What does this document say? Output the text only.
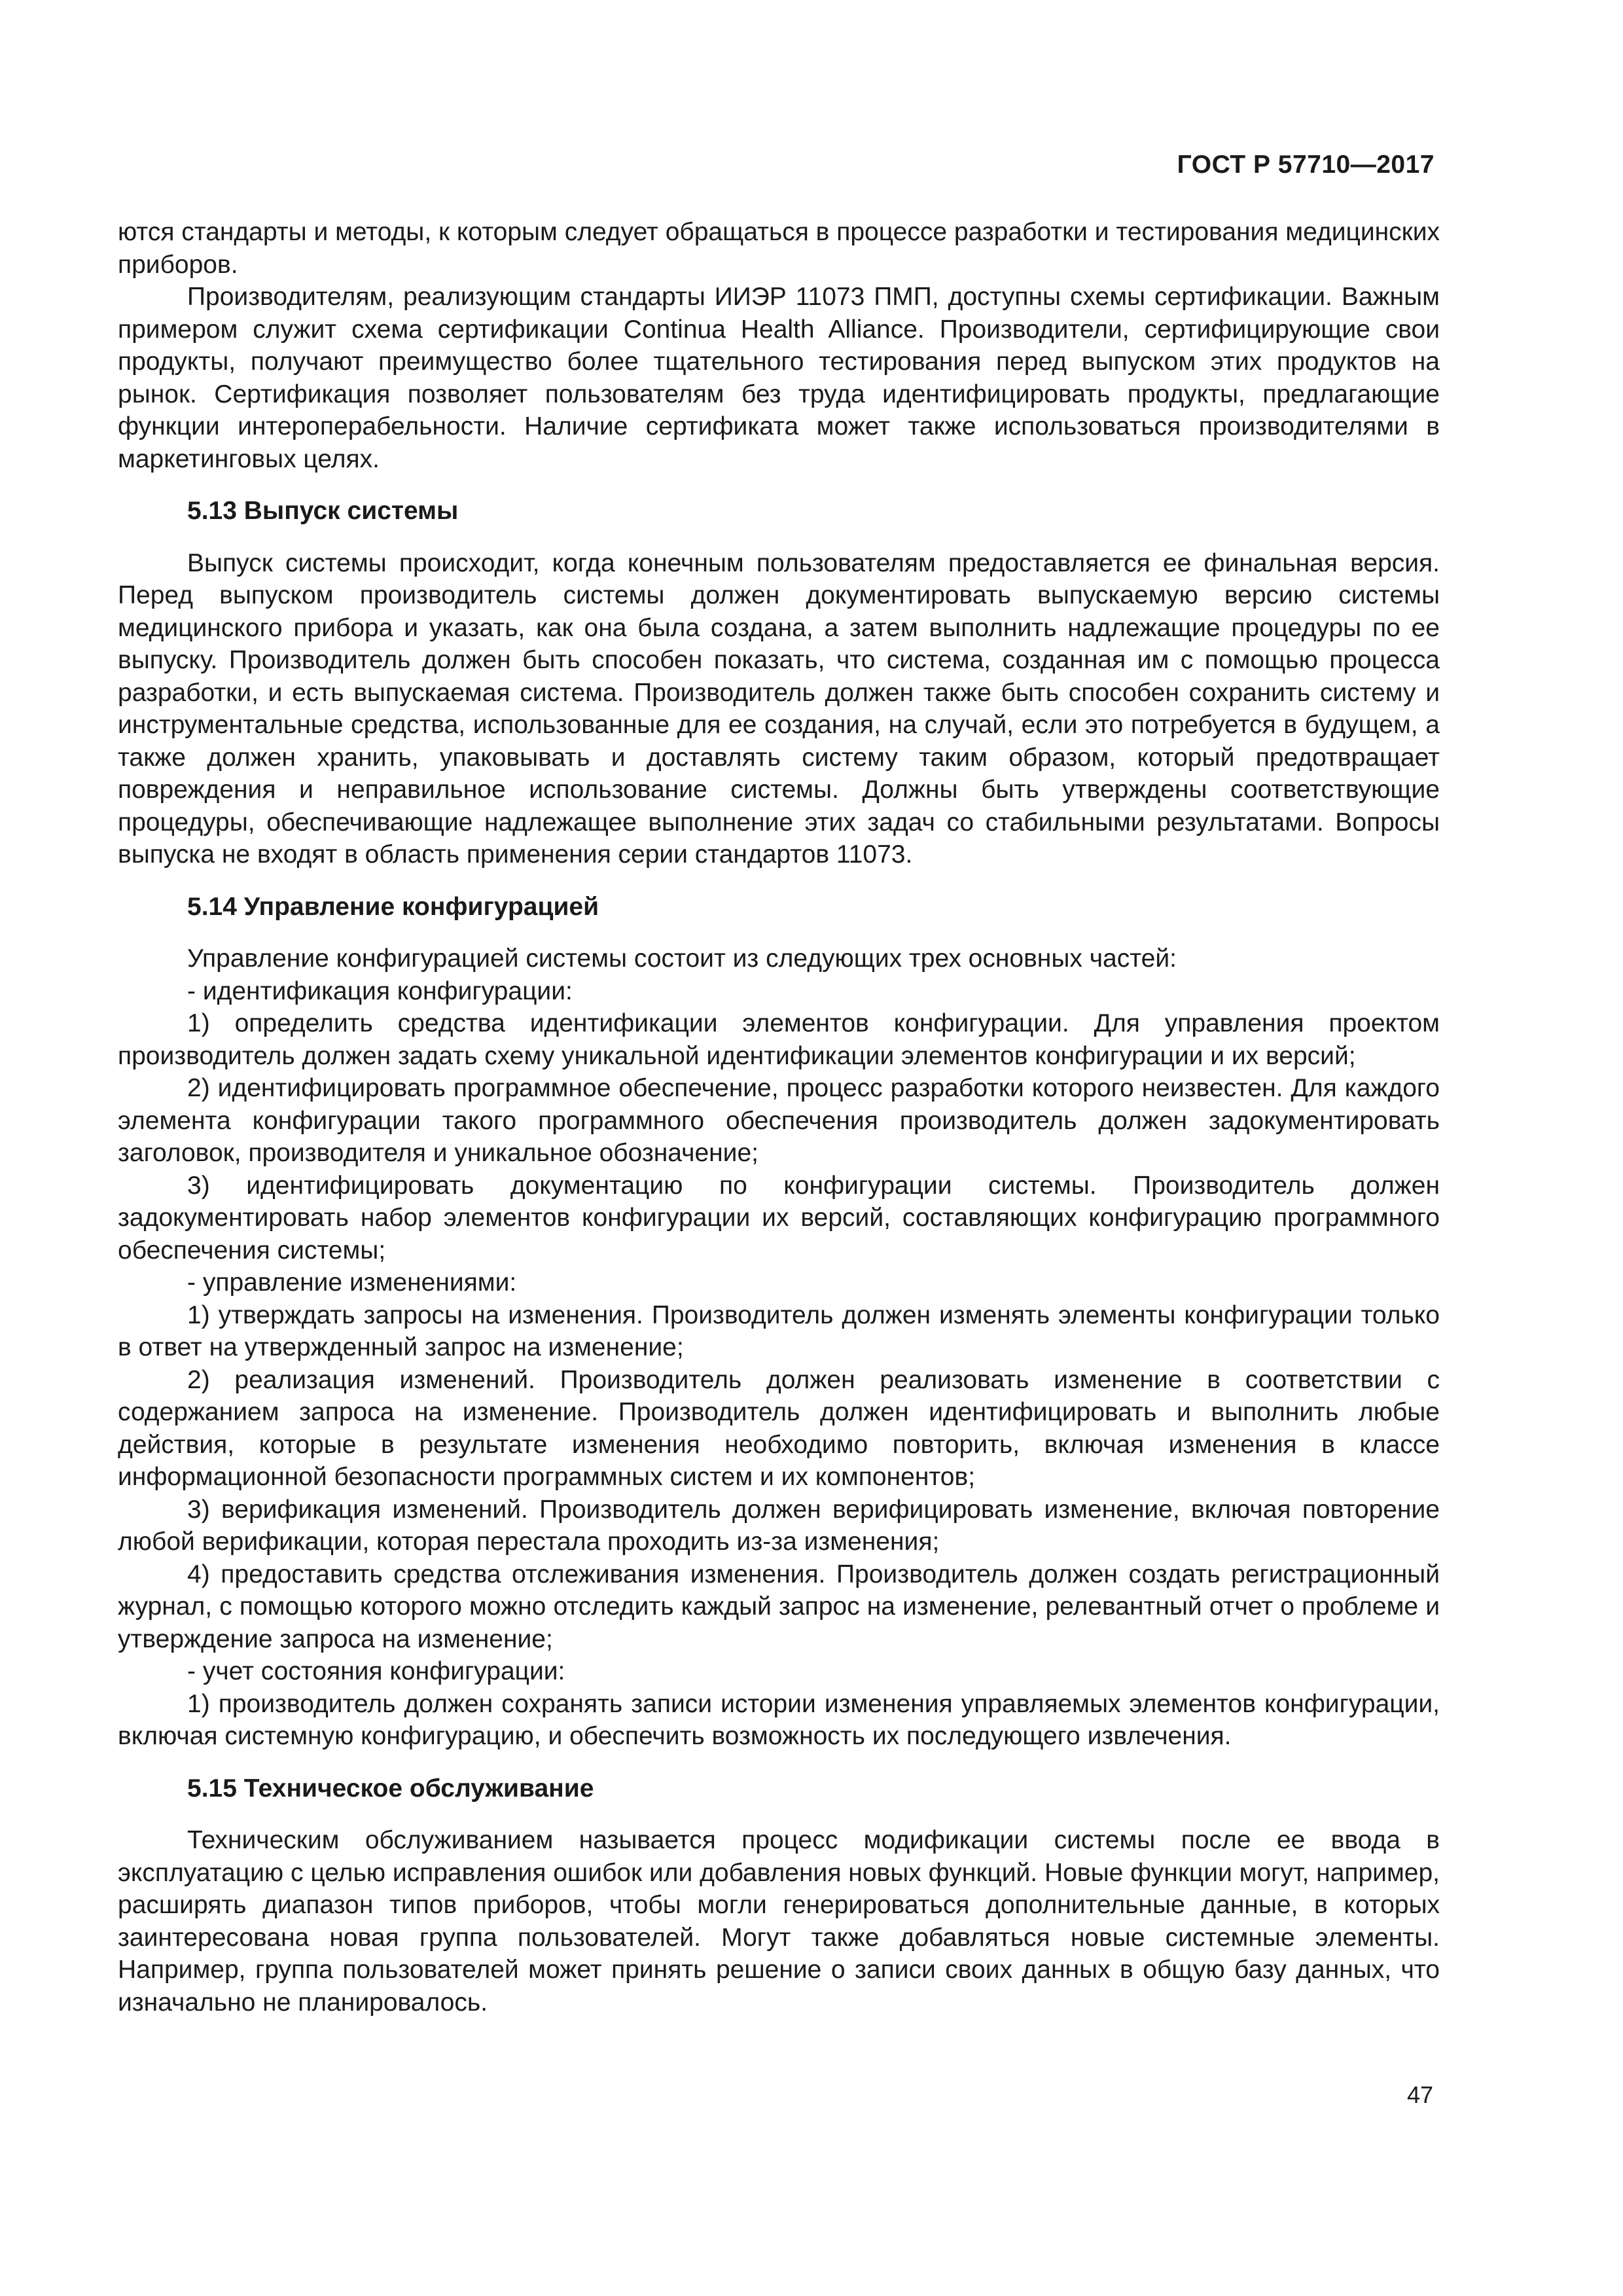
ГОСТ Р 57710—2017

ются стандарты и методы, к которым следует обращаться в процессе разработки и тестирования медицинских приборов.

Производителям, реализующим стандарты ИИЭР 11073 ПМП, доступны схемы сертификации. Важным примером служит схема сертификации Continua Health Alliance. Производители, сертифицирующие свои продукты, получают преимущество более тщательного тестирования перед выпуском этих продуктов на рынок. Сертификация позволяет пользователям без труда идентифицировать продукты, предлагающие функции интероперабельности. Наличие сертификата может также использоваться производителями в маркетинговых целях.

5.13 Выпуск системы

Выпуск системы происходит, когда конечным пользователям предоставляется ее финальная версия. Перед выпуском производитель системы должен документировать выпускаемую версию системы медицинского прибора и указать, как она была создана, а затем выполнить надлежащие процедуры по ее выпуску. Производитель должен быть способен показать, что система, созданная им с помощью процесса разработки, и есть выпускаемая система. Производитель должен также быть способен сохранить систему и инструментальные средства, использованные для ее создания, на случай, если это потребуется в будущем, а также должен хранить, упаковывать и доставлять систему таким образом, который предотвращает повреждения и неправильное использование системы. Должны быть утверждены соответствующие процедуры, обеспечивающие надлежащее выполнение этих задач со стабильными результатами. Вопросы выпуска не входят в область применения серии стандартов 11073.

5.14 Управление конфигурацией

Управление конфигурацией системы состоит из следующих трех основных частей:

- идентификация конфигурации:

1) определить средства идентификации элементов конфигурации. Для управления проектом производитель должен задать схему уникальной идентификации элементов конфигурации и их версий;

2) идентифицировать программное обеспечение, процесс разработки которого неизвестен. Для каждого элемента конфигурации такого программного обеспечения производитель должен задокументировать заголовок, производителя и уникальное обозначение;

3) идентифицировать документацию по конфигурации системы. Производитель должен задокументировать набор элементов конфигурации их версий, составляющих конфигурацию программного обеспечения системы;

- управление изменениями:

1) утверждать запросы на изменения. Производитель должен изменять элементы конфигурации только в ответ на утвержденный запрос на изменение;

2) реализация изменений. Производитель должен реализовать изменение в соответствии с содержанием запроса на изменение. Производитель должен идентифицировать и выполнить любые действия, которые в результате изменения необходимо повторить, включая изменения в классе информационной безопасности программных систем и их компонентов;

3) верификация изменений. Производитель должен верифицировать изменение, включая повторение любой верификации, которая перестала проходить из-за изменения;

4) предоставить средства отслеживания изменения. Производитель должен создать регистрационный журнал, с помощью которого можно отследить каждый запрос на изменение, релевантный отчет о проблеме и утверждение запроса на изменение;

- учет состояния конфигурации:

1) производитель должен сохранять записи истории изменения управляемых элементов конфигурации, включая системную конфигурацию, и обеспечить возможность их последующего извлечения.

5.15 Техническое обслуживание

Техническим обслуживанием называется процесс модификации системы после ее ввода в эксплуатацию с целью исправления ошибок или добавления новых функций. Новые функции могут, например, расширять диапазон типов приборов, чтобы могли генерироваться дополнительные данные, в которых заинтересована новая группа пользователей. Могут также добавляться новые системные элементы. Например, группа пользователей может принять решение о записи своих данных в общую базу данных, что изначально не планировалось.

47
